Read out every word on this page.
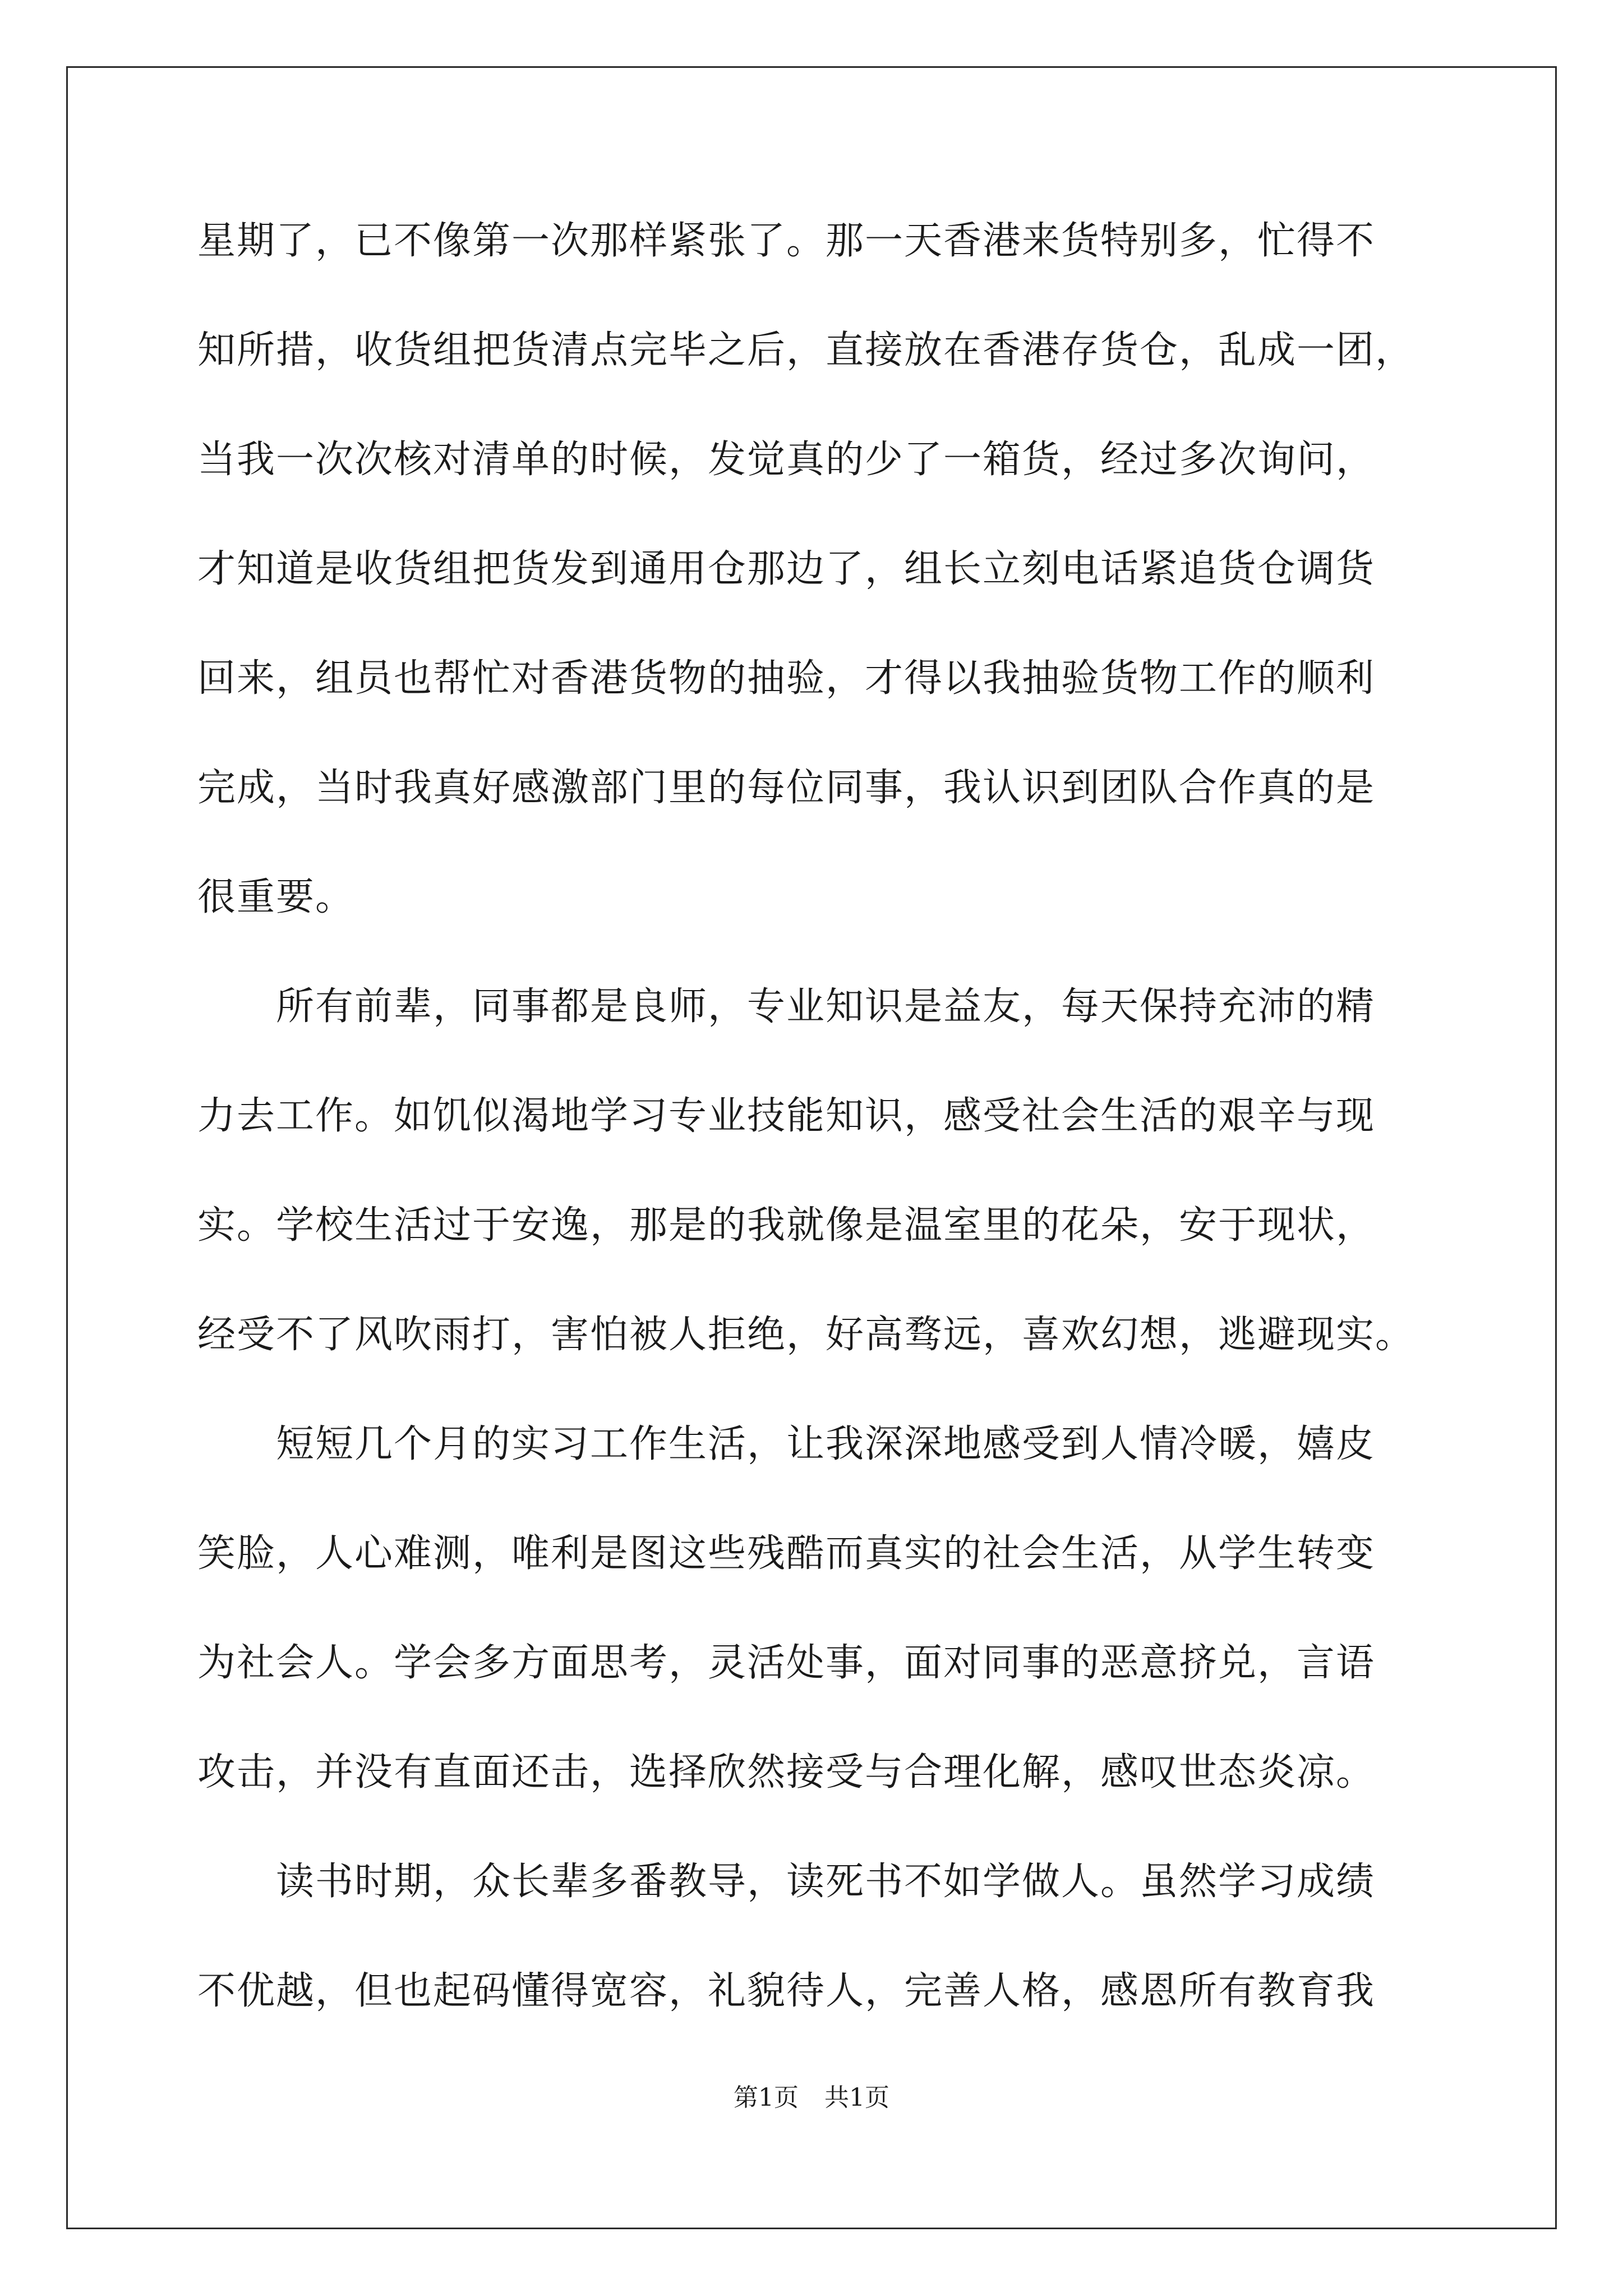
星期了，已不像第一次那样紧张了。那一天香港来货特别多，忙得不
知所措，收货组把货清点完毕之后，直接放在香港存货仓，乱成一团，
当我一次次核对清单的时候，发觉真的少了一箱货，经过多次询问，
才知道是收货组把货发到通用仓那边了，组长立刻电话紧追货仓调货
回来，组员也帮忙对香港货物的抽验，才得以我抽验货物工作的顺利
完成，当时我真好感激部门里的每位同事，我认识到团队合作真的是
很重要。
　　所有前辈，同事都是良师，专业知识是益友，每天保持充沛的精
力去工作。如饥似渴地学习专业技能知识，感受社会生活的艰辛与现
实。学校生活过于安逸，那是的我就像是温室里的花朵，安于现状，
经受不了风吹雨打，害怕被人拒绝，好高骛远，喜欢幻想，逃避现实。
　　短短几个月的实习工作生活，让我深深地感受到人情冷暖，嬉皮
笑脸，人心难测，唯利是图这些残酷而真实的社会生活，从学生转变
为社会人。学会多方面思考，灵活处事，面对同事的恶意挤兑，言语
攻击，并没有直面还击，选择欣然接受与合理化解，感叹世态炎凉。
　　读书时期，众长辈多番教导，读死书不如学做人。虽然学习成绩
不优越，但也起码懂得宽容，礼貌待人，完善人格，感恩所有教育我
第1页 共1页
